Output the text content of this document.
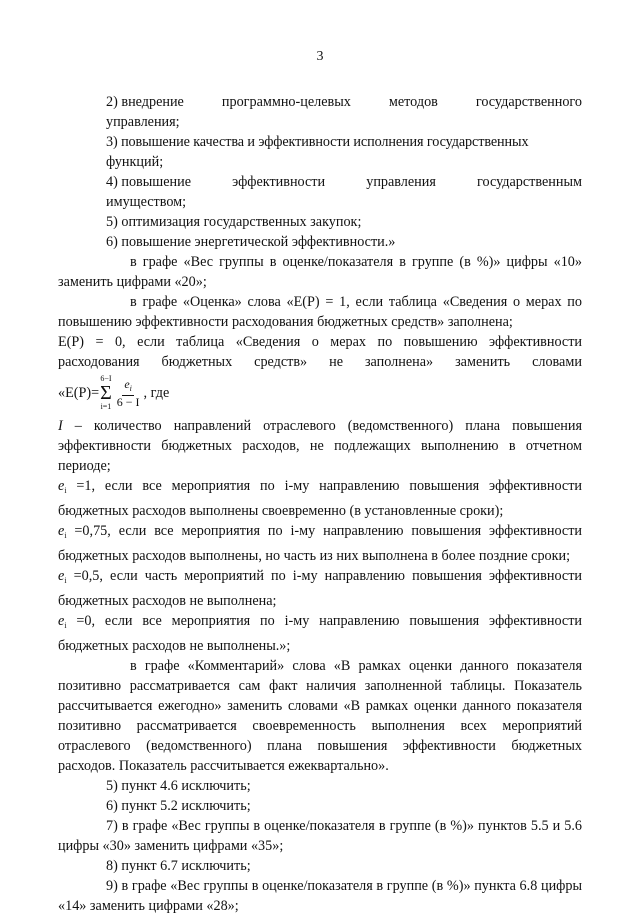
3
2) внедрение	программно-целевых	методов	государственного

управления;

3) повышение качества и эффективности исполнения государственных

функций;

4) повышение	эффективности	управления	государственным

имуществом;

5) оптимизация государственных закупок;

6) повышение энергетической эффективности.»

в графе «Вес группы в оценке/показателя в группе (в %)» цифры «10» заменить цифрами «20»;

в графе «Оценка» слова «Е(Р) = 1, если таблица «Сведения о мерах по повышению эффективности расходования бюджетных средств» заполнена;

Е(Р) = 0, если таблица «Сведения о мерах по повышению эффективности

расходования бюджетных средств» не заполнена» заменить словами
«Е(Р)=
6−I
Σ
$i=1 \frac{e_i}{6 - I}$ , где

I – количество направлений отраслевого (ведомственного) плана повышения эффективности бюджетных расходов, не подлежащих выполнению в отчетном периоде;

$e_i =1$, если все мероприятия по i-му направлению повышения эффективности бюджетных расходов выполнены своевременно (в установленные сроки);

$e_i =0,75$, если все мероприятия по i-му направлению повышения эффективности бюджетных расходов выполнены, но часть из них выполнена в более поздние сроки;

$e_i =0,5$, если часть мероприятий по i-му направлению повышения эффективности бюджетных расходов не выполнена;

$e_i =0$, если все мероприятия по i-му направлению повышения эффективности бюджетных расходов не выполнены.»;

в графе «Комментарий» слова «В рамках оценки данного показателя позитивно рассматривается сам факт наличия заполненной таблицы. Показатель рассчитывается ежегодно» заменить словами «В рамках оценки данного показателя позитивно рассматривается своевременность выполнения всех мероприятий отраслевого (ведомственного) плана повышения эффективности бюджетных расходов. Показатель рассчитывается ежеквартально».

5) пункт 4.6 исключить;

6) пункт 5.2 исключить;

7) в графе «Вес группы в оценке/показателя в группе (в %)» пунктов 5.5 и 5.6 цифры «30» заменить цифрами «35»;

8) пункт 6.7 исключить;

9) в графе «Вес группы в оценке/показателя в группе (в %)» пункта 6.8 цифры «14» заменить цифрами «28»;
